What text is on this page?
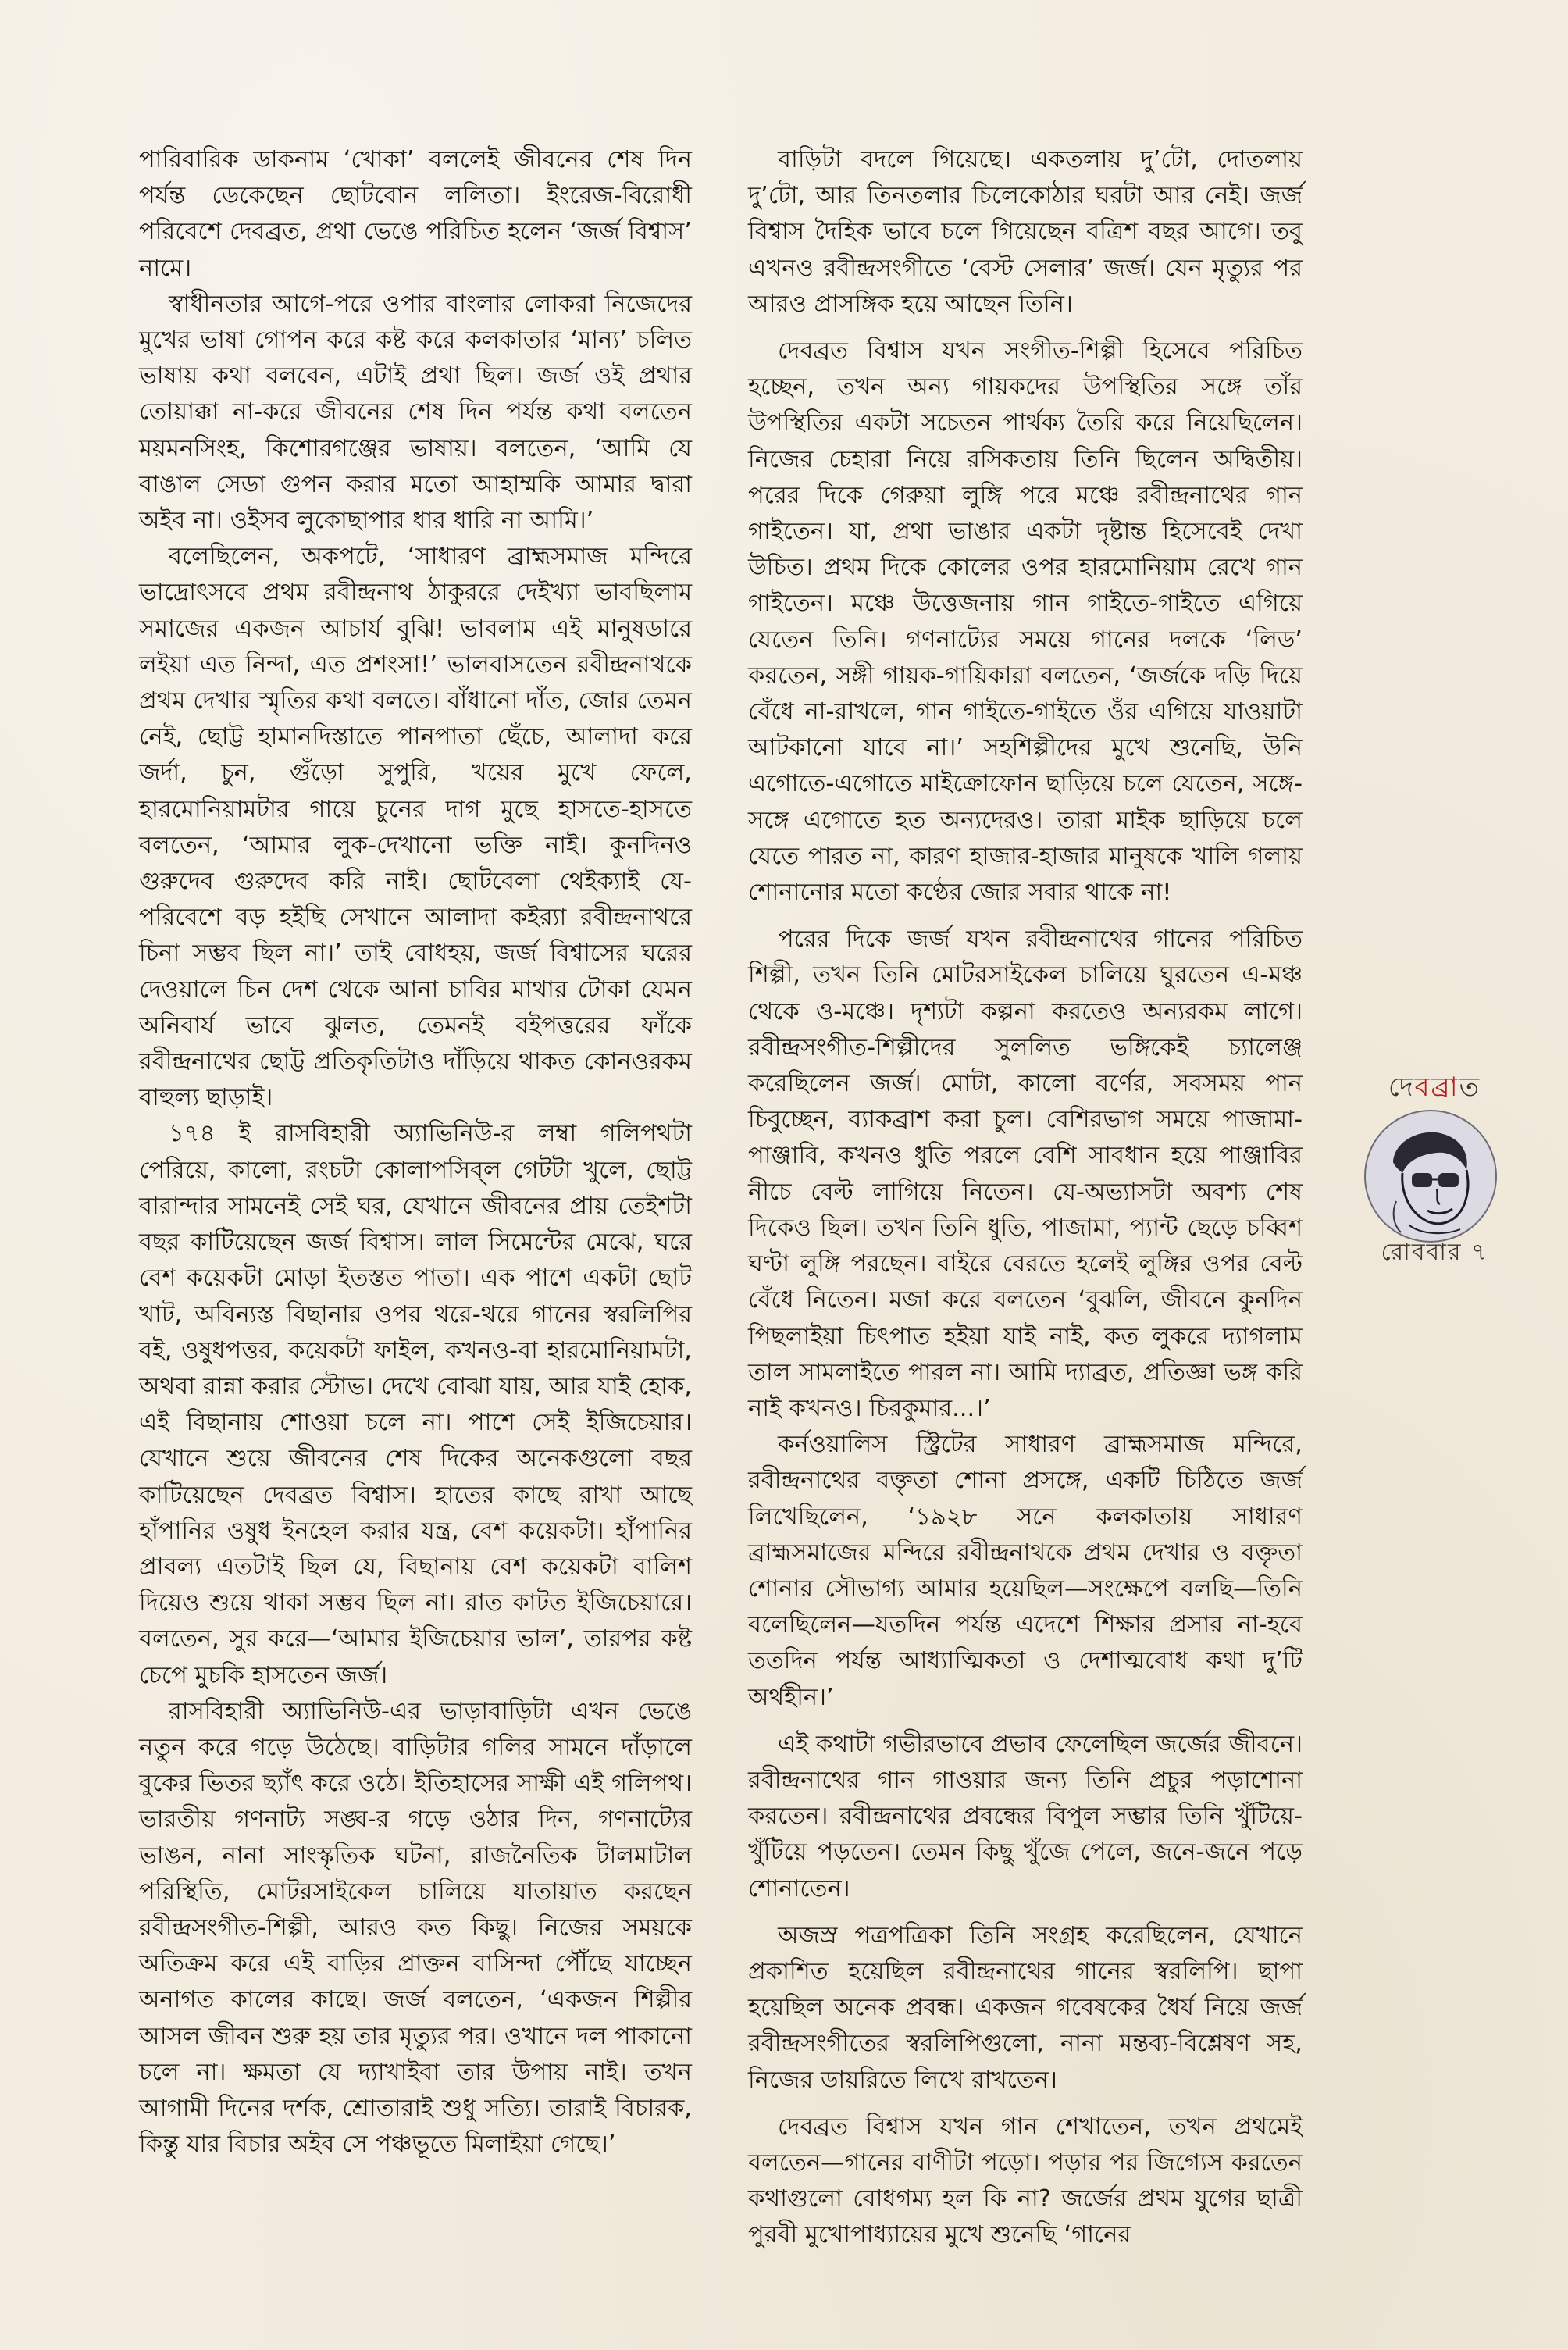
পারিবারিক ডাকনাম ‘খোকা’ বললেই জীবনের শেষ দিন পর্যন্ত ডেকেছেন ছোটবোন ললিতা। ইংরেজ-বিরোধী পরিবেশে দেবব্রত, প্রথা ভেঙে পরিচিত হলেন ‘জর্জ বিশ্বাস’ নামে।

স্বাধীনতার আগে-পরে ওপার বাংলার লোকরা নিজেদের মুখের ভাষা গোপন করে কষ্ট করে কলকাতার ‘মান্য’ চলিত ভাষায় কথা বলবেন, এটাই প্রথা ছিল। জর্জ ওই প্রথার তোয়াক্কা না-করে জীবনের শেষ দিন পর্যন্ত কথা বলতেন ময়মনসিংহ, কিশোরগঞ্জের ভাষায়। বলতেন, ‘আমি যে বাঙাল সেডা গুপন করার মতো আহাম্মকি আমার দ্বারা অইব না। ওইসব লুকোছাপার ধার ধারি না আমি।’

বলেছিলেন, অকপটে, ‘সাধারণ ব্রাহ্মসমাজ মন্দিরে ভাদ্রোৎসবে প্রথম রবীন্দ্রনাথ ঠাকুররে দেইখ্যা ভাবছিলাম সমাজের একজন আচার্য বুঝি! ভাবলাম এই মানুষডারে লইয়া এত নিন্দা, এত প্রশংসা!’ ভালবাসতেন রবীন্দ্রনাথকে প্রথম দেখার স্মৃতির কথা বলতে। বাঁধানো দাঁত, জোর তেমন নেই, ছোট্ট হামানদিস্তাতে পানপাতা ছেঁচে, আলাদা করে জর্দা, চুন, গুঁড়ো সুপুরি, খয়ের মুখে ফেলে, হারমোনিয়ামটার গায়ে চুনের দাগ মুছে হাসতে-হাসতে বলতেন, ‘আমার লুক-দেখানো ভক্তি নাই। কুনদিনও গুরুদেব গুরুদেব করি নাই। ছোটবেলা থেইক্যাই যে-পরিবেশে বড় হইছি সেখানে আলাদা কইর‍্যা রবীন্দ্রনাথরে চিনা সম্ভব ছিল না।’ তাই বোধহয়, জর্জ বিশ্বাসের ঘরের দেওয়ালে চিন দেশ থেকে আনা চাবির মাথার টোকা যেমন অনিবার্য ভাবে ঝুলত, তেমনই বইপত্তরের ফাঁকে রবীন্দ্রনাথের ছোট্ট প্রতিকৃতিটাও দাঁড়িয়ে থাকত কোনওরকম বাহুল্য ছাড়াই।

১৭৪ ই রাসবিহারী অ্যাভিনিউ-র লম্বা গলিপথটা পেরিয়ে, কালো, রংচটা কোলাপসিব্‌ল গেটটা খুলে, ছোট্ট বারান্দার সামনেই সেই ঘর, যেখানে জীবনের প্রায় তেইশটা বছর কাটিয়েছেন জর্জ বিশ্বাস। লাল সিমেন্টের মেঝে, ঘরে বেশ কয়েকটা মোড়া ইতস্তত পাতা। এক পাশে একটা ছোট খাট, অবিন্যস্ত বিছানার ওপর থরে-থরে গানের স্বরলিপির বই, ওষুধপত্তর, কয়েকটা ফাইল, কখনও-বা হারমোনিয়ামটা, অথবা রান্না করার স্টোভ। দেখে বোঝা যায়, আর যাই হোক, এই বিছানায় শোওয়া চলে না। পাশে সেই ইজিচেয়ার। যেখানে শুয়ে জীবনের শেষ দিকের অনেকগুলো বছর কাটিয়েছেন দেবব্রত বিশ্বাস। হাতের কাছে রাখা আছে হাঁপানির ওষুধ ইনহেল করার যন্ত্র, বেশ কয়েকটা। হাঁপানির প্রাবল্য এতটাই ছিল যে, বিছানায় বেশ কয়েকটা বালিশ দিয়েও শুয়ে থাকা সম্ভব ছিল না। রাত কাটত ইজিচেয়ারে। বলতেন, সুর করে—‘আমার ইজিচেয়ার ভাল’, তারপর কষ্ট চেপে মুচকি হাসতেন জর্জ।

রাসবিহারী অ্যাভিনিউ-এর ভাড়াবাড়িটা এখন ভেঙে নতুন করে গড়ে উঠেছে। বাড়িটার গলির সামনে দাঁড়ালে বুকের ভিতর ছ্যাঁৎ করে ওঠে। ইতিহাসের সাক্ষী এই গলিপথ। ভারতীয় গণনাট্য সঙ্ঘ-র গড়ে ওঠার দিন, গণনাট্যের ভাঙন, নানা সাংস্কৃতিক ঘটনা, রাজনৈতিক টালমাটাল পরিস্থিতি, মোটরসাইকেল চালিয়ে যাতায়াত করছেন রবীন্দ্রসংগীত-শিল্পী, আরও কত কিছু। নিজের সময়কে অতিক্রম করে এই বাড়ির প্রাক্তন বাসিন্দা পৌঁছে যাচ্ছেন অনাগত কালের কাছে। জর্জ বলতেন, ‘একজন শিল্পীর আসল জীবন শুরু হয় তার মৃত্যুর পর। ওখানে দল পাকানো চলে না। ক্ষমতা যে দ্যাখাইবা তার উপায় নাই। তখন আগামী দিনের দর্শক, শ্রোতারাই শুধু সত্যি। তারাই বিচারক, কিন্তু যার বিচার অইব সে পঞ্চভূতে মিলাইয়া গেছে।’

বাড়িটা বদলে গিয়েছে। একতলায় দু’টো, দোতলায় দু’টো, আর তিনতলার চিলেকোঠার ঘরটা আর নেই। জর্জ বিশ্বাস দৈহিক ভাবে চলে গিয়েছেন বত্রিশ বছর আগে। তবু এখনও রবীন্দ্রসংগীতে ‘বেস্ট সেলার’ জর্জ। যেন মৃত্যুর পর আরও প্রাসঙ্গিক হয়ে আছেন তিনি।

দেবব্রত বিশ্বাস যখন সংগীত-শিল্পী হিসেবে পরিচিত হচ্ছেন, তখন অন্য গায়কদের উপস্থিতির সঙ্গে তাঁর উপস্থিতির একটা সচেতন পার্থক্য তৈরি করে নিয়েছিলেন। নিজের চেহারা নিয়ে রসিকতায় তিনি ছিলেন অদ্বিতীয়। পরের দিকে গেরুয়া লুঙ্গি পরে মঞ্চে রবীন্দ্রনাথের গান গাইতেন। যা, প্রথা ভাঙার একটা দৃষ্টান্ত হিসেবেই দেখা উচিত। প্রথম দিকে কোলের ওপর হারমোনিয়াম রেখে গান গাইতেন। মঞ্চে উত্তেজনায় গান গাইতে-গাইতে এগিয়ে যেতেন তিনি। গণনাট্যের সময়ে গানের দলকে ‘লিড’ করতেন, সঙ্গী গায়ক-গায়িকারা বলতেন, ‘জর্জকে দড়ি দিয়ে বেঁধে না-রাখলে, গান গাইতে-গাইতে ওঁর এগিয়ে যাওয়াটা আটকানো যাবে না।’ সহশিল্পীদের মুখে শুনেছি, উনি এগোতে-এগোতে মাইক্রোফোন ছাড়িয়ে চলে যেতেন, সঙ্গে-সঙ্গে এগোতে হত অন্যদেরও। তারা মাইক ছাড়িয়ে চলে যেতে পারত না, কারণ হাজার-হাজার মানুষকে খালি গলায় শোনানোর মতো কণ্ঠের জোর সবার থাকে না!

পরের দিকে জর্জ যখন রবীন্দ্রনাথের গানের পরিচিত শিল্পী, তখন তিনি মোটরসাইকেল চালিয়ে ঘুরতেন এ-মঞ্চ থেকে ও-মঞ্চে। দৃশ্যটা কল্পনা করতেও অন্যরকম লাগে। রবীন্দ্রসংগীত-শিল্পীদের সুললিত ভঙ্গিকেই চ্যালেঞ্জ করেছিলেন জর্জ। মোটা, কালো বর্ণের, সবসময় পান চিবুচ্ছেন, ব্যাকব্রাশ করা চুল। বেশিরভাগ সময়ে পাজামা-পাঞ্জাবি, কখনও ধুতি পরলে বেশি সাবধান হয়ে পাঞ্জাবির নীচে বেল্ট লাগিয়ে নিতেন। যে-অভ্যাসটা অবশ্য শেষ দিকেও ছিল। তখন তিনি ধুতি, পাজামা, প্যান্ট ছেড়ে চব্বিশ ঘণ্টা লুঙ্গি পরছেন। বাইরে বেরতে হলেই লুঙ্গির ওপর বেল্ট বেঁধে নিতেন। মজা করে বলতেন ‘বুঝলি, জীবনে কুনদিন পিছলাইয়া চিৎপাত হইয়া যাই নাই, কত লুকরে দ্যাগলাম তাল সামলাইতে পারল না। আমি দ্যাব্রত, প্রতিজ্ঞা ভঙ্গ করি নাই কখনও। চিরকুমার...।’

কর্নওয়ালিস স্ট্রিটের সাধারণ ব্রাহ্মসমাজ মন্দিরে, রবীন্দ্রনাথের বক্তৃতা শোনা প্রসঙ্গে, একটি চিঠিতে জর্জ লিখেছিলেন, ‘১৯২৮ সনে কলকাতায় সাধারণ ব্রাহ্মসমাজের মন্দিরে রবীন্দ্রনাথকে প্রথম দেখার ও বক্তৃতা শোনার সৌভাগ্য আমার হয়েছিল—সংক্ষেপে বলছি—তিনি বলেছিলেন—যতদিন পর্যন্ত এদেশে শিক্ষার প্রসার না-হবে ততদিন পর্যন্ত আধ্যাত্মিকতা ও দেশাত্মবোধ কথা দু’টি অর্থহীন।’

এই কথাটা গভীরভাবে প্রভাব ফেলেছিল জর্জের জীবনে। রবীন্দ্রনাথের গান গাওয়ার জন্য তিনি প্রচুর পড়াশোনা করতেন। রবীন্দ্রনাথের প্রবন্ধের বিপুল সম্ভার তিনি খুঁটিয়ে-খুঁটিয়ে পড়তেন। তেমন কিছু খুঁজে পেলে, জনে-জনে পড়ে শোনাতেন।

অজস্র পত্রপত্রিকা তিনি সংগ্রহ করেছিলেন, যেখানে প্রকাশিত হয়েছিল রবীন্দ্রনাথের গানের স্বরলিপি। ছাপা হয়েছিল অনেক প্রবন্ধ। একজন গবেষকের ধৈর্য নিয়ে জর্জ রবীন্দ্রসংগীতের স্বরলিপিগুলো, নানা মন্তব্য-বিশ্লেষণ সহ, নিজের ডায়রিতে লিখে রাখতেন।

দেবব্রত বিশ্বাস যখন গান শেখাতেন, তখন প্রথমেই বলতেন—গানের বাণীটা পড়ো। পড়ার পর জিগ্যেস করতেন কথাগুলো বোধগম্য হল কি না? জর্জের প্রথম যুগের ছাত্রী পুরবী মুখোপাধ্যায়ের মুখে শুনেছি ‘গানের

দেবব্রাত
রোববার ৭
